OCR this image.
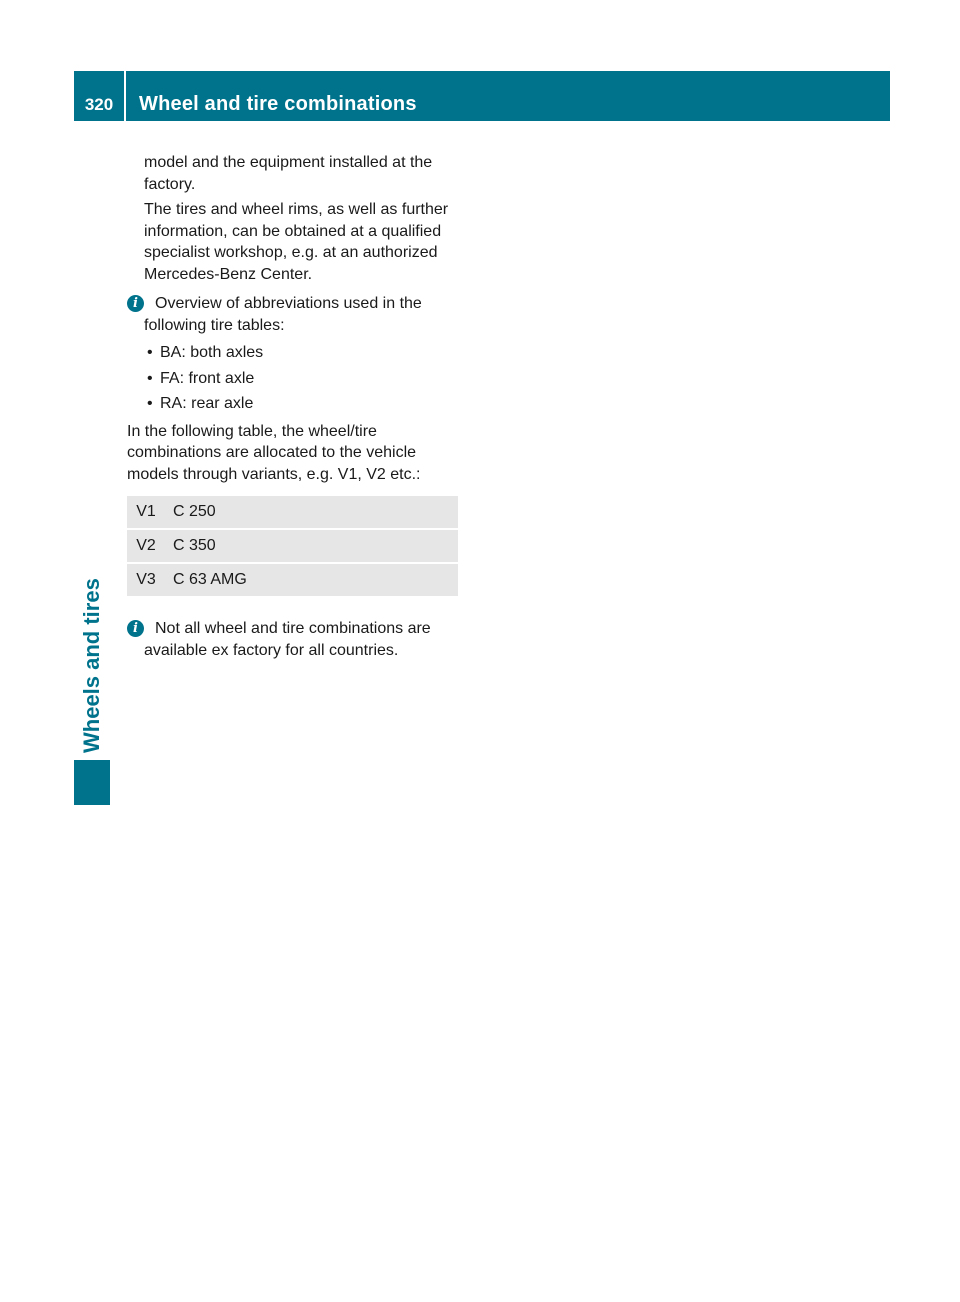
320	Wheel and tire combinations
Wheels and tires

model and the equipment installed at the factory.

The tires and wheel rims, as well as further information, can be obtained at a qualified specialist workshop, e.g. at an authorized Mercedes-Benz Center.

i	Overview of abbreviations used in the following tire tables:
• BA: both axles
• FA: front axle
• RA: rear axle

In the following table, the wheel/tire combinations are allocated to the vehicle models through variants, e.g. V1, V2 etc.:

V1	C 250
V2	C 350
V3	C 63 AMG
i	Not all wheel and tire combinations are available ex factory for all countries.
